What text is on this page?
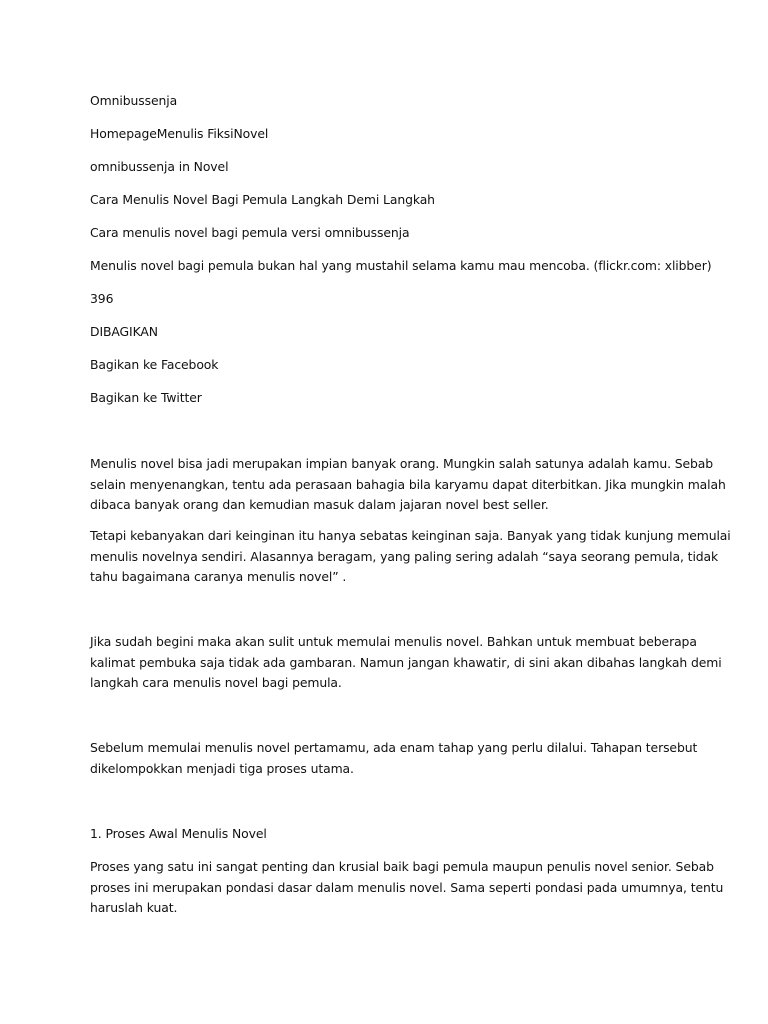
Omnibussenja

HomepageMenulis FiksiNovel

omnibussenja in Novel

Cara Menulis Novel Bagi Pemula Langkah Demi Langkah

Cara menulis novel bagi pemula versi omnibussenja

Menulis novel bagi pemula bukan hal yang mustahil selama kamu mau mencoba. (flickr.com: xlibber)

396

DIBAGIKAN

Bagikan ke Facebook

Bagikan ke Twitter

Menulis novel bisa jadi merupakan impian banyak orang. Mungkin salah satunya adalah kamu. Sebab
selain menyenangkan, tentu ada perasaan bahagia bila karyamu dapat diterbitkan. Jika mungkin malah
dibaca banyak orang dan kemudian masuk dalam jajaran novel best seller.
Tetapi kebanyakan dari keinginan itu hanya sebatas keinginan saja. Banyak yang tidak kunjung memulai
menulis novelnya sendiri. Alasannya beragam, yang paling sering adalah “saya seorang pemula, tidak
tahu bagaimana caranya menulis novel” .
Jika sudah begini maka akan sulit untuk memulai menulis novel. Bahkan untuk membuat beberapa
kalimat pembuka saja tidak ada gambaran. Namun jangan khawatir, di sini akan dibahas langkah demi
langkah cara menulis novel bagi pemula.
Sebelum memulai menulis novel pertamamu, ada enam tahap yang perlu dilalui. Tahapan tersebut
dikelompokkan menjadi tiga proses utama.

1. Proses Awal Menulis Novel

Proses yang satu ini sangat penting dan krusial baik bagi pemula maupun penulis novel senior. Sebab
proses ini merupakan pondasi dasar dalam menulis novel. Sama seperti pondasi pada umumnya, tentu
haruslah kuat.
